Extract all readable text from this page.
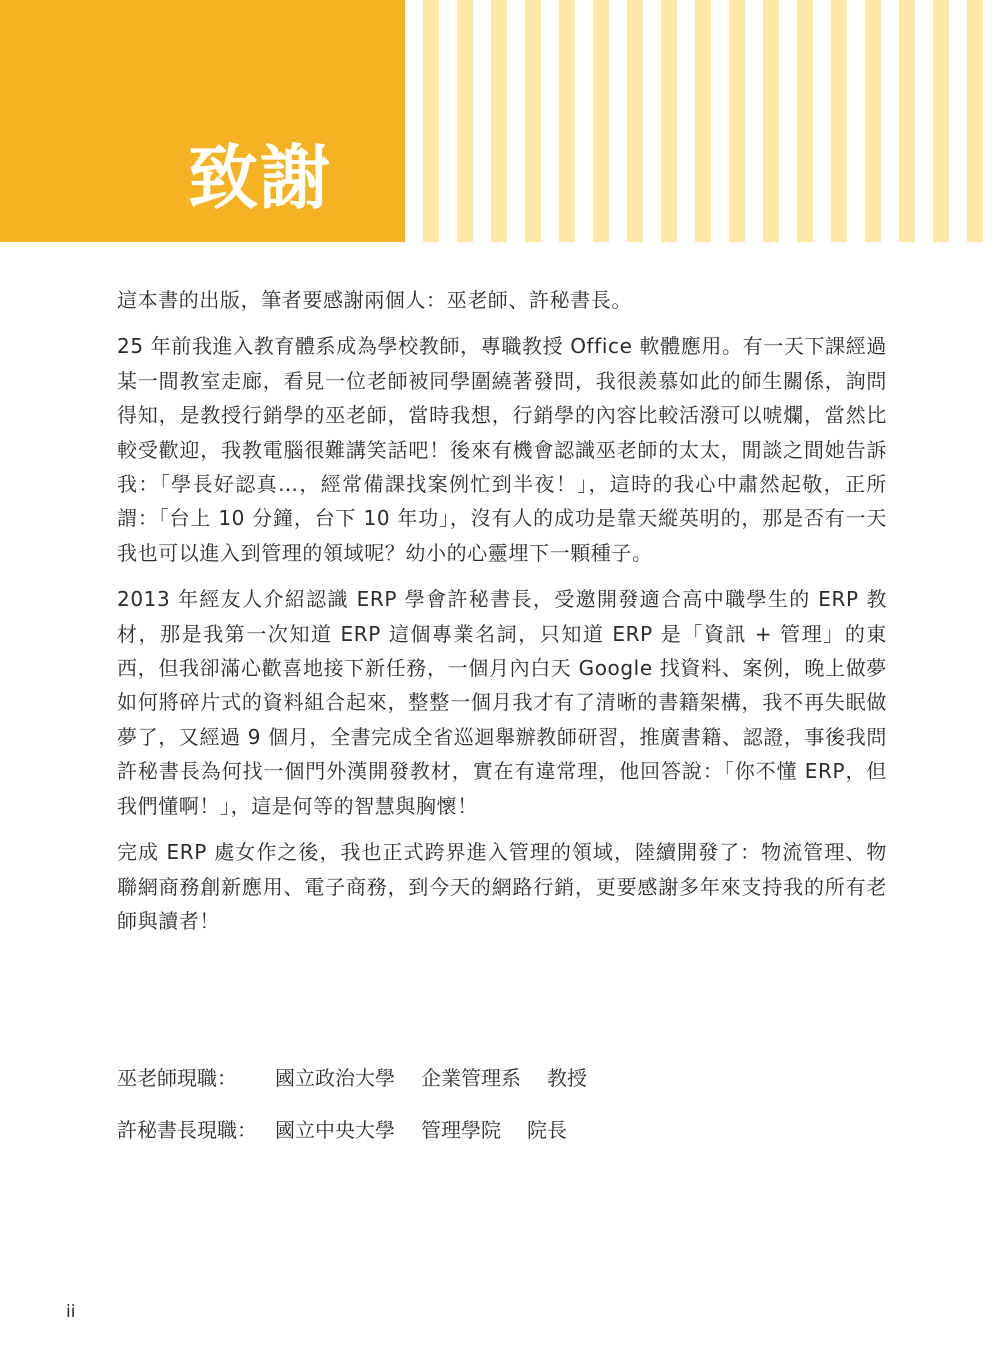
致謝

這本書的出版，筆者要感謝兩個人：巫老師、許秘書長。

25 年前我進入教育體系成為學校教師，專職教授 Office 軟體應用。有一天下課經過某一間教室走廊，看見一位老師被同學圍繞著發問，我很羨慕如此的師生關係，詢問得知，是教授行銷學的巫老師，當時我想，行銷學的內容比較活潑可以唬爛，當然比較受歡迎，我教電腦很難講笑話吧！後來有機會認識巫老師的太太，閒談之間她告訴我：「學長好認真…，經常備課找案例忙到半夜！」，這時的我心中肅然起敬，正所謂：「台上 10 分鐘，台下 10 年功」，沒有人的成功是靠天縱英明的，那是否有一天我也可以進入到管理的領域呢？幼小的心靈埋下一顆種子。

2013 年經友人介紹認識 ERP 學會許秘書長，受邀開發適合高中職學生的 ERP 教材，那是我第一次知道 ERP 這個專業名詞，只知道 ERP 是「資訊 + 管理」的東西，但我卻滿心歡喜地接下新任務，一個月內白天 Google 找資料、案例，晚上做夢如何將碎片式的資料組合起來，整整一個月我才有了清晰的書籍架構，我不再失眠做夢了，又經過 9 個月，全書完成全省巡迴舉辦教師研習，推廣書籍、認證，事後我問許秘書長為何找一個門外漢開發教材，實在有違常理，他回答說：「你不懂 ERP，但我們懂啊！」，這是何等的智慧與胸懷！

完成 ERP 處女作之後，我也正式跨界進入管理的領域，陸續開發了：物流管理、物聯網商務創新應用、電子商務，到今天的網路行銷，更要感謝多年來支持我的所有老師與讀者！

巫老師現職：	國立政治大學 企業管理系 教授
許秘書長現職： 國立中央大學 管理學院 院長
ii
